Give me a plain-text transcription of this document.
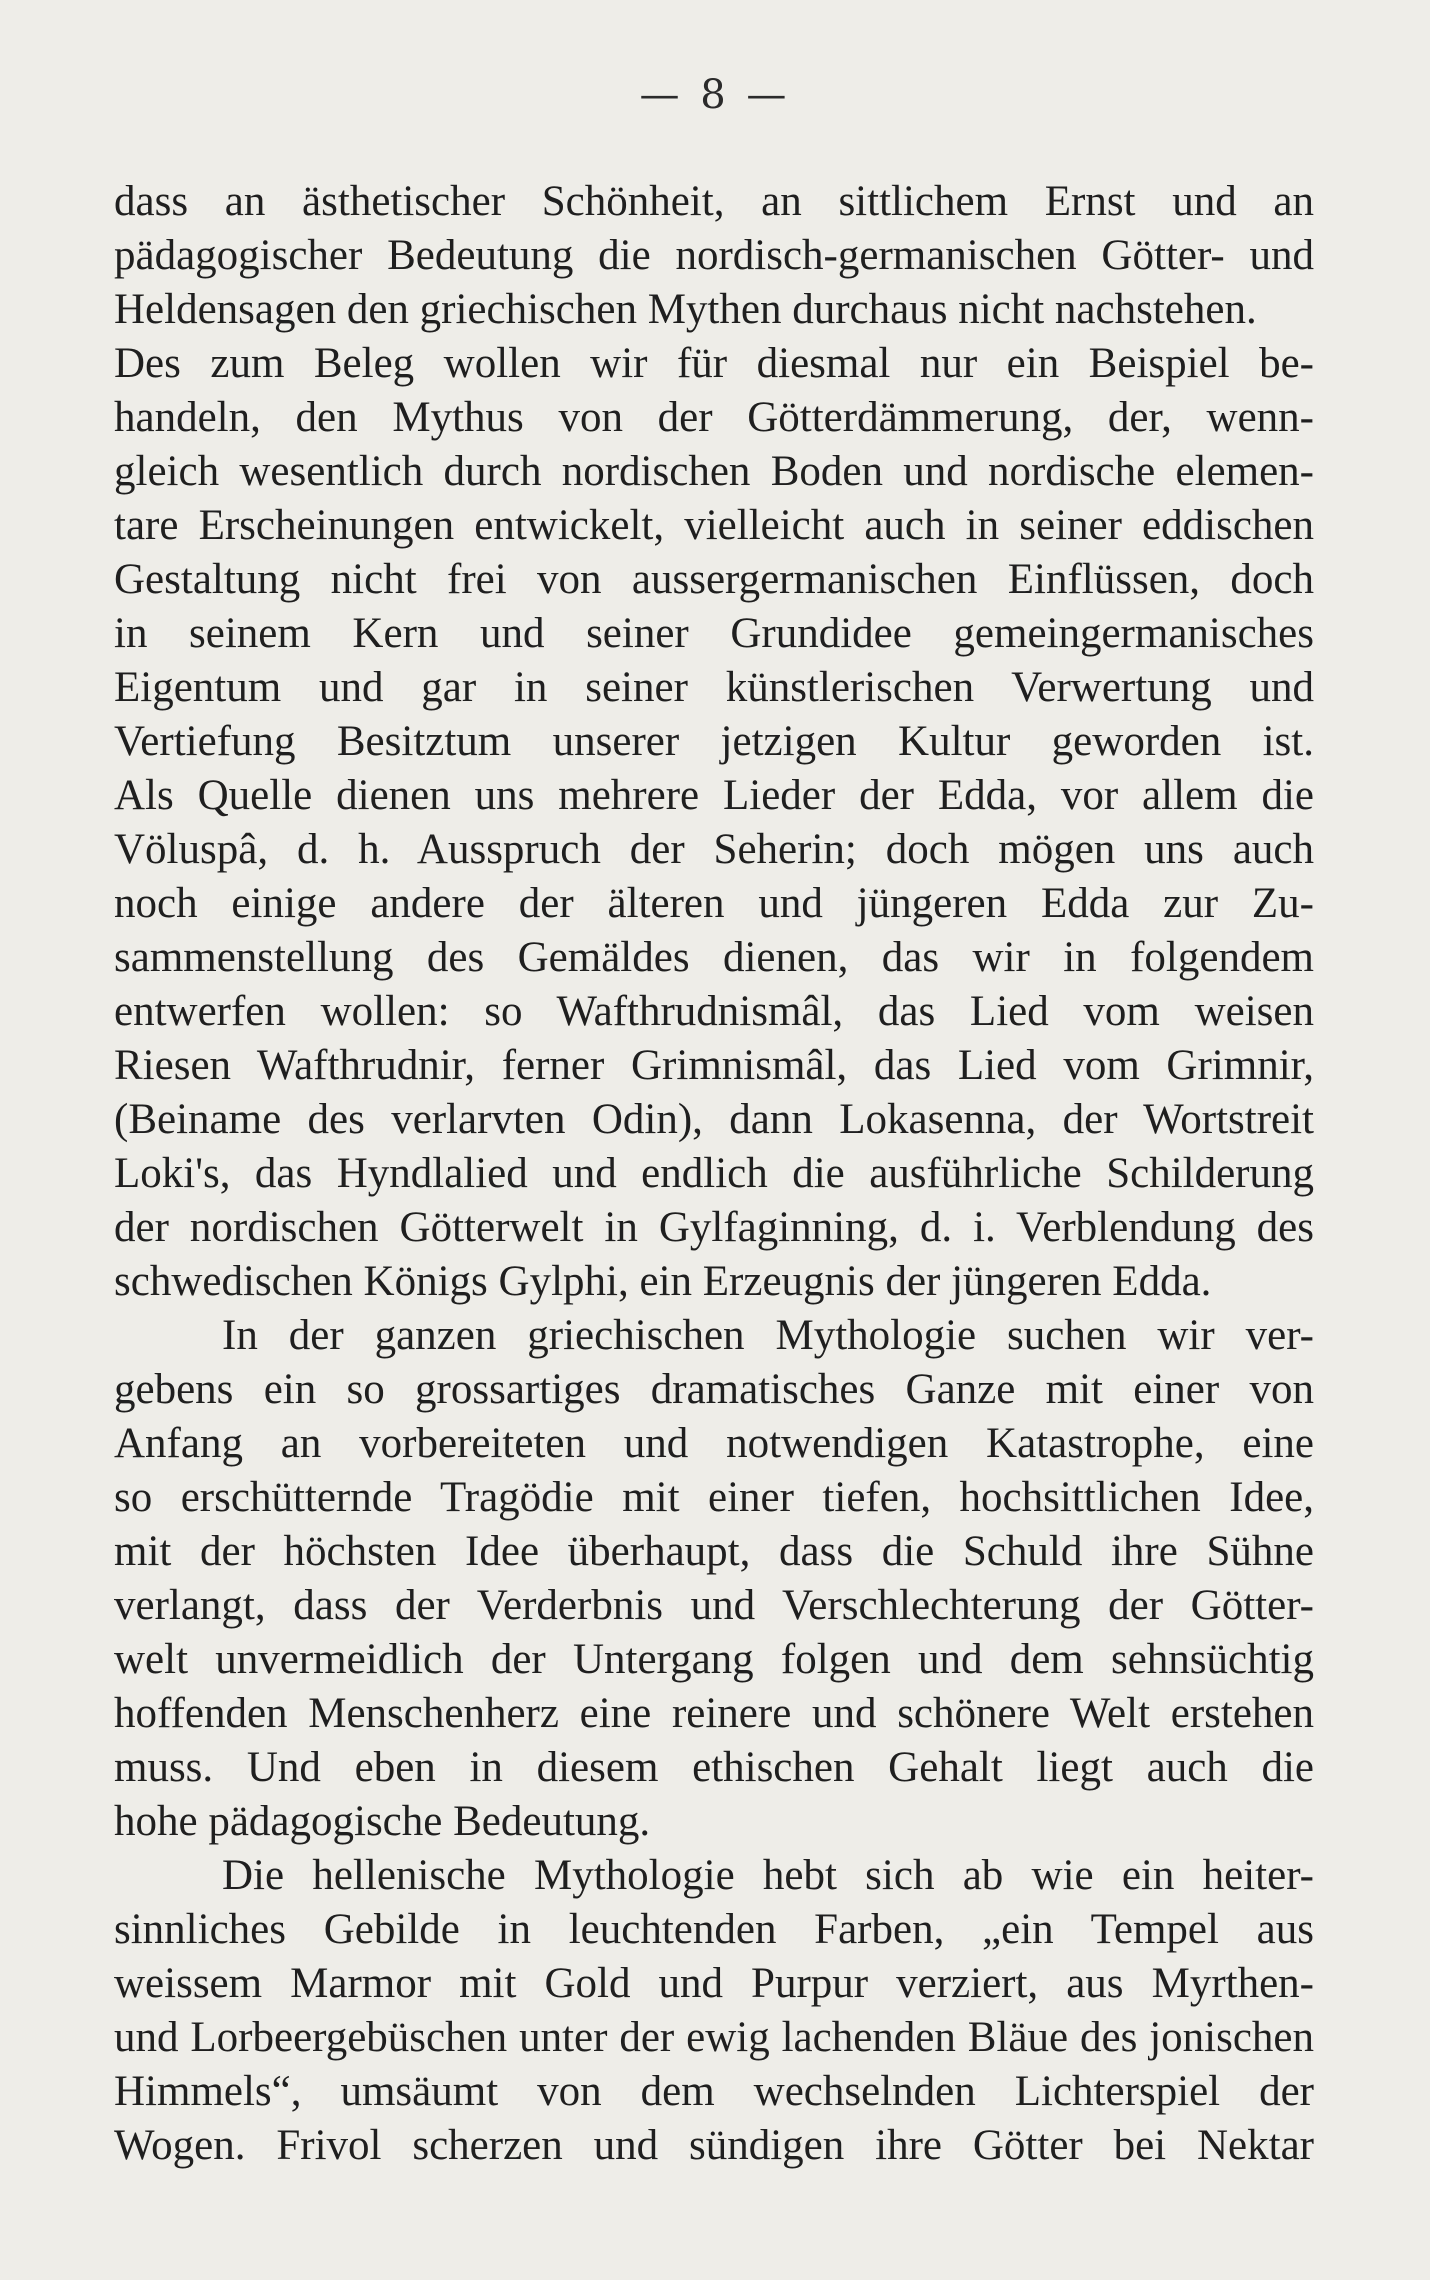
— 8 —
dass an ästhetischer Schönheit, an sittlichem Ernst und an
pädagogischer Bedeutung die nordisch-germanischen Götter- und
Heldensagen den griechischen Mythen durchaus nicht nachstehen.
Des zum Beleg wollen wir für diesmal nur ein Beispiel be-
handeln, den Mythus von der Götterdämmerung, der, wenn-
gleich wesentlich durch nordischen Boden und nordische elemen-
tare Erscheinungen entwickelt, vielleicht auch in seiner eddischen
Gestaltung nicht frei von aussergermanischen Einflüssen, doch
in seinem Kern und seiner Grundidee gemeingermanisches
Eigentum und gar in seiner künstlerischen Verwertung und
Vertiefung Besitztum unserer jetzigen Kultur geworden ist.
Als Quelle dienen uns mehrere Lieder der Edda, vor allem die
Völuspâ, d. h. Ausspruch der Seherin; doch mögen uns auch
noch einige andere der älteren und jüngeren Edda zur Zu-
sammenstellung des Gemäldes dienen, das wir in folgendem
entwerfen wollen: so Wafthrudnismâl, das Lied vom weisen
Riesen Wafthrudnir, ferner Grimnismâl, das Lied vom Grimnir,
(Beiname des verlarvten Odin), dann Lokasenna, der Wortstreit
Loki's, das Hyndlalied und endlich die ausführliche Schilderung
der nordischen Götterwelt in Gylfaginning, d. i. Verblendung des
schwedischen Königs Gylphi, ein Erzeugnis der jüngeren Edda.
In der ganzen griechischen Mythologie suchen wir ver-
gebens ein so grossartiges dramatisches Ganze mit einer von
Anfang an vorbereiteten und notwendigen Katastrophe, eine
so erschütternde Tragödie mit einer tiefen, hochsittlichen Idee,
mit der höchsten Idee überhaupt, dass die Schuld ihre Sühne
verlangt, dass der Verderbnis und Verschlechterung der Götter-
welt unvermeidlich der Untergang folgen und dem sehnsüchtig
hoffenden Menschenherz eine reinere und schönere Welt erstehen
muss. Und eben in diesem ethischen Gehalt liegt auch die
hohe pädagogische Bedeutung.
Die hellenische Mythologie hebt sich ab wie ein heiter-
sinnliches Gebilde in leuchtenden Farben, „ein Tempel aus
weissem Marmor mit Gold und Purpur verziert, aus Myrthen-
und Lorbeergebüschen unter der ewig lachenden Bläue des jonischen
Himmels“, umsäumt von dem wechselnden Lichterspiel der
Wogen. Frivol scherzen und sündigen ihre Götter bei Nektar
